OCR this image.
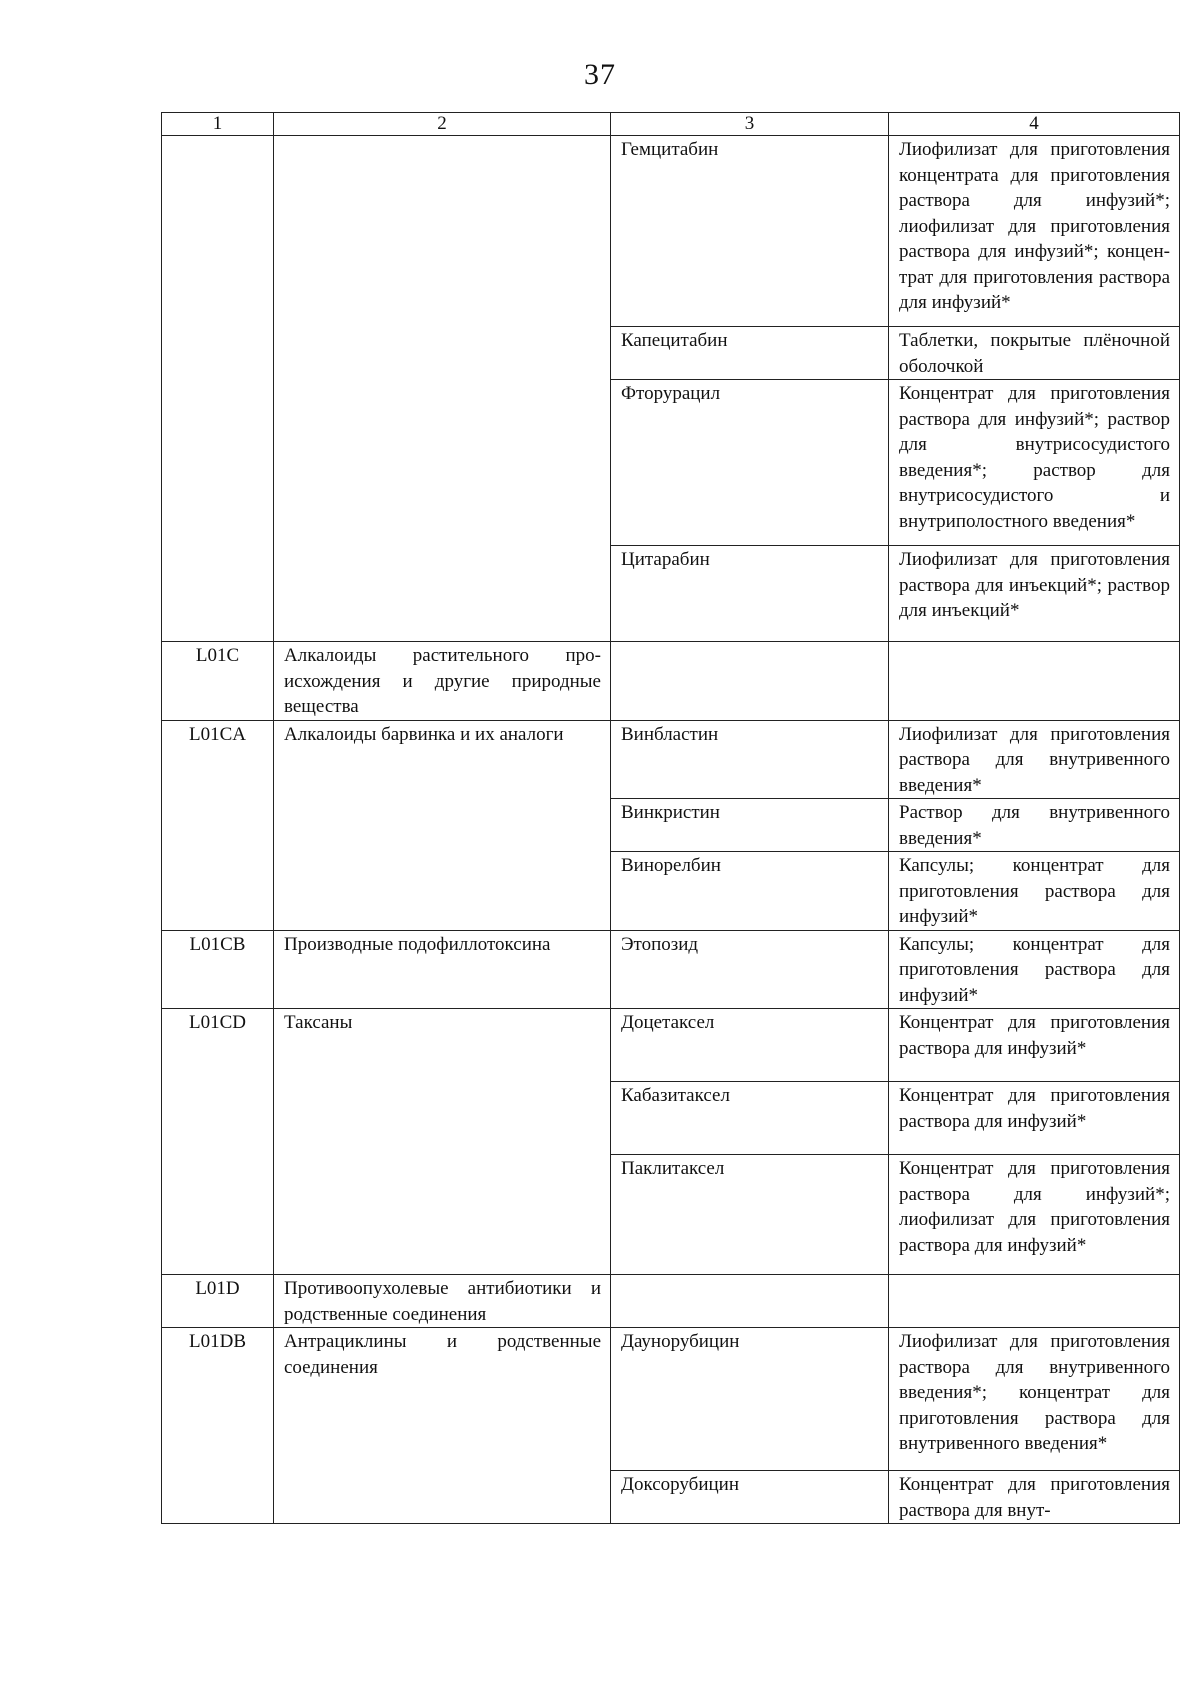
37
1	2	3	4
		Гемцитабин	Лиофилизат для приготовления концентрата для приготовления раствора для инфузий*; лиофилизат для приготовления раствора для инфузий*; концентрат для приготовления раствора для инфузий*
		Капецитабин	Таблетки, покрытые плёночной оболочкой
		Фторурацил	Концентрат для приготовления раствора для инфузий*; раствор для внутрисосудистого введения*; раствор для внутрисосудистого и внутриполостного введения*
		Цитарабин	Лиофилизат для приготовления раствора для инъекций*; раствор для инъекций*
L01C	Алкалоиды растительного происхождения и другие природные вещества		
L01CA	Алкалоиды барвинка и их аналоги	Винбластин	Лиофилизат для приготовления раствора для внутривенного введения*
		Винкристин	Раствор для внутривенного введения*
		Винорелбин	Капсулы; концентрат для приготовления раствора для инфузий*
L01CB	Производные подофиллотоксина	Этопозид	Капсулы; концентрат для приготовления раствора для инфузий*
L01CD	Таксаны	Доцетаксел	Концентрат для приготовления раствора для инфузий*
		Кабазитаксел	Концентрат для приготовления раствора для инфузий*
		Паклитаксел	Концентрат для приготовления раствора для инфузий*; лиофилизат для приготовления раствора для инфузий*
L01D	Противоопухолевые антибиотики и родственные соединения		
L01DB	Антрациклины и родственные соединения	Даунорубицин	Лиофилизат для приготовления раствора для внутривенного введения*; концентрат для приготовления раствора для внутривенного введения*
		Доксорубицин	Концентрат для приготовления раствора для внут-
